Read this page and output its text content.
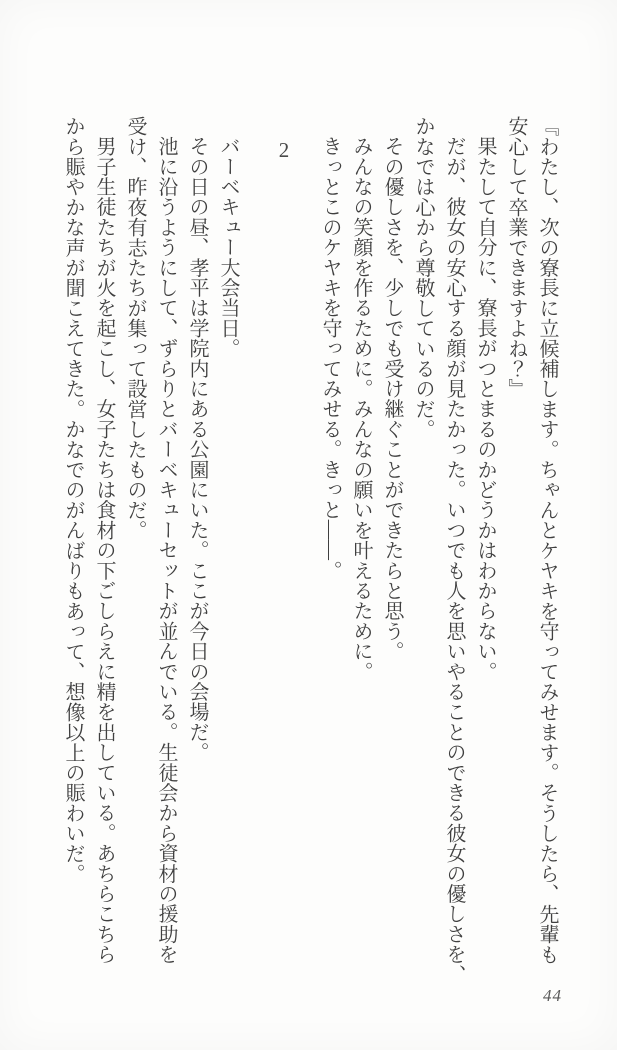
『わたし、次の寮長に立候補します。ちゃんとケヤキを守ってみせます。そうしたら、先輩も
安心して卒業できますよね？』
果たして自分に、寮長がつとまるのかどうかはわからない。
だが、彼女の安心する顔が見たかった。いつでも人を思いやることのできる彼女の優しさを、
かなでは心から尊敬しているのだ。
その優しさを、少しでも受け継ぐことができたらと思う。
みんなの笑顔を作るために。みんなの願いを叶えるために。
きっとこのケヤキを守ってみせる。きっと――。
2
バーベキュー大会当日。
その日の昼、孝平は学院内にある公園にいた。ここが今日の会場だ。
池に沿うようにして、ずらりとバーベキューセットが並んでいる。生徒会から資材の援助を
受け、昨夜有志たちが集って設営したものだ。
男子生徒たちが火を起こし、女子たちは食材の下ごしらえに精を出している。あちらこちら
から賑やかな声が聞こえてきた。かなでのがんばりもあって、想像以上の賑わいだ。
44
